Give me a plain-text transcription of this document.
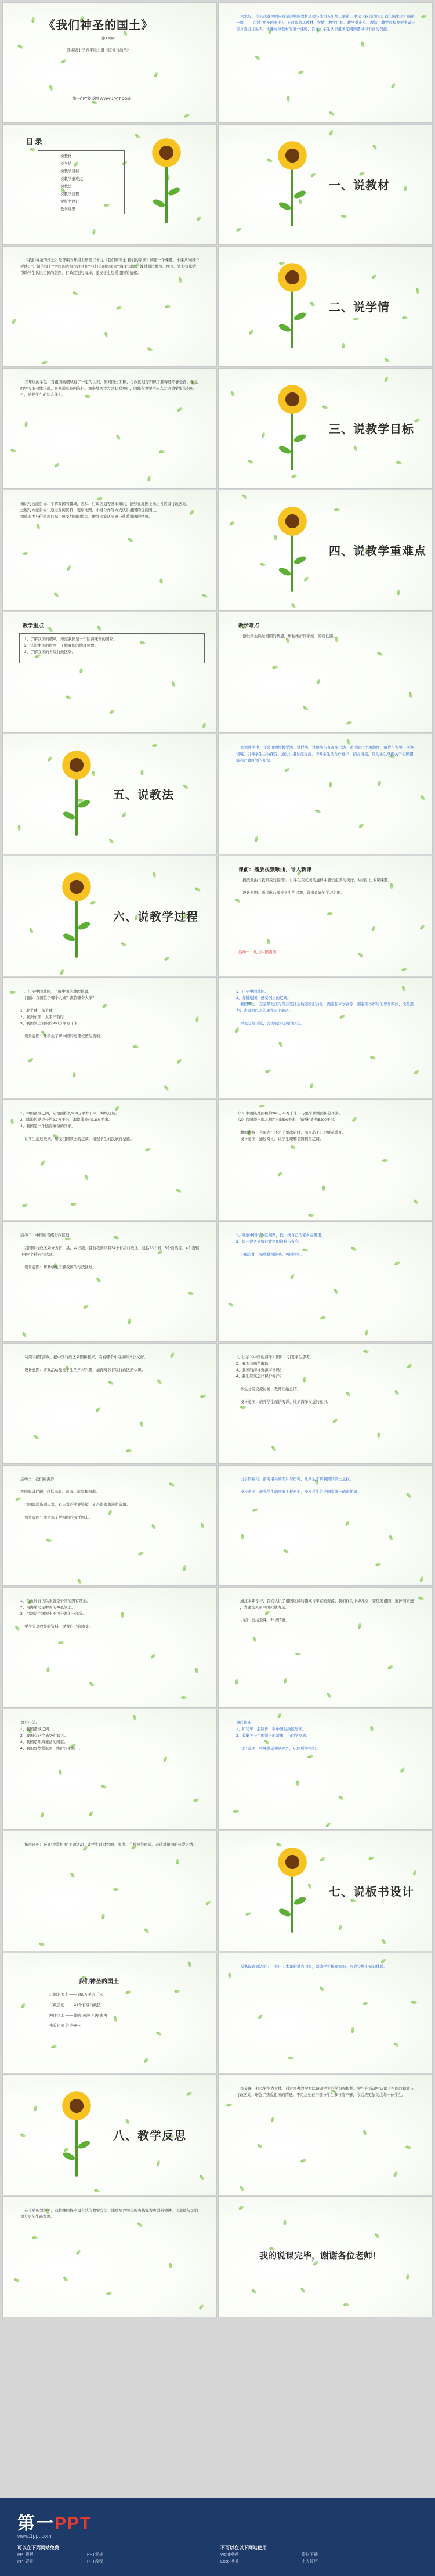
《我们神圣的国土》
第1课时
部编版小学五年级上册《道德与法治》
第一PPT模板网-WWW.1PPT.COM
大家好，今天我说课的内容是部编版教材道德与法治五年级上册第三单元《我们的国土 我们的家园》的第一课——《我们神圣的国土》。下面我将从教材、学情、教学目标、教学重难点、教法、教学过程及板书设计等方面进行说明。本课对应教材的第一课时，旨在让学生认识祖国辽阔的疆域与丰富的资源。
目 录
说教材
说学情
说教学目标
说教学重难点
说教法
说教学过程
说板书设计
教学反思
一、说教材
《我们神圣的国土》是部编五年级上册第三单元《我们的国土 我们的家园》的第一个课题。本课共分四个板块：“辽阔的国土”“中国的省级行政区划”“我们美丽的家园”“海洋资源”。教材通过地图、图片、资料等形式，帮助学生认识祖国的版图、行政区划与海洋，激发学生热爱祖国的情感。
二、说学情
五年级的学生，对祖国的疆域有了一定的认识，但对国土面积、行政区划等知识了解得还不够全面。学生的学习主动性较强，喜欢通过查阅资料、观察地图等方式获取知识，因此在教学中应充分调动学生的积极性，培养学生的综合能力。
三、说教学目标
知识与技能目标：了解我国的疆域、面积、行政区划等基本知识，能够在地图上指出各省级行政区划。
过程与方法目标：通过查阅资料、观察地图、小组合作等方式认识祖国的辽阔国土。
情感态度与价值观目标：感受祖国的伟大，增强国家认同感与热爱祖国的情感。
四、说教学重难点
教学重点
1、了解我国的疆域，知道我国是一个陆海兼备的国家。
2、认识中国的版图，了解我国的地理位置。
3、了解我国的省级行政区划。
教学难点
激发学生热爱祖国的情感，增强维护国家统一的责任感。
五、说教法
本课教学中，我采用情境教学法、讲授法、讨论法与直观演示法。通过展示中国地图、图片与视频，创设情境，引导学生主动探究；通过小组讨论交流，培养学生的合作意识；结合讲授，帮助学生掌握关于祖国疆域和行政区划的知识。
六、说教学过程
课前：播放视频歌曲，导入新课
播放歌曲《我和我的祖国》，让学生在优美的旋律中感受祖国的美好，从而引出本课课题。

设计意图：通过歌曲激发学生的兴趣，营造良好的学习氛围。
活动一：认识中国版图
一、出示中国地图，了解中国的地理位置。
问题：我国位于哪个大洲？濒临哪个大洋？

1、北半球、东半球
2、亚洲东部、太平洋西岸
3、我国领土面积约960万平方千米

设计意图：让学生了解中国的地理位置与面积。
1、出示中国地图。
2、分析地图，感受国土的辽阔。
我国领土，东起黑龙江与乌苏里江主航道的汇合处，西至帕米尔高原，南起南沙群岛的曾母暗沙，北至黑龙江省漠河以北的黑龙江主航道。

学生分组讨论，交流祖国辽阔的国土。
1、中国疆域辽阔，陆地面积约960万平方千米，海域辽阔。
2、陆地边界线长约2.2万千米，海岸线长约1.8万千米。
3、我国是一个陆海兼备的国家。

让学生通过数据，感受祖国领土的辽阔，增强学生的民族自豪感。
（1）中国陆地面积约960万平方千米，与整个欧洲面积差不多。
（2）我国领土南北相距约5500千米，东西相距约5200千米。

教师讲解：当黑龙江还是千里冰封时，海南岛上已是鲜花盛开。
设计意图：通过对比，让学生理解祖国幅员辽阔。
活动二：中国的省级行政区划

我国的行政区划分为省、县、乡三级。目前我国共有34个省级行政区，包括23个省、5个自治区、4个直辖市和2个特别行政区。

设计意图：帮助学生了解我国的行政区划。
1、观察中国行政区划图，找一找自己的家乡在哪里。
2、说一说各省级行政区的简称与省会。

小组合作，完成拼图游戏，巩固知识。
利用“拼图”游戏，把中国行政区划图拼起来，看看哪个小组拼得又快又好。

设计意图：游戏活动激发学生的学习兴趣，加深对各省级行政区的认识。
1、出示《中国的海洋》图片，引发学生思考。
2、我国有哪些海域？
3、我国的海洋资源丰富吗？
4、我们应该怎样保护海洋？

学生分组交流讨论，教师归纳总结。

设计意图：培养学生保护海洋、维护海洋权益的意识。
活动三：我们的海洋

我国海域辽阔，包括渤海、黄海、东海和南海。

我国海洋资源丰富，有丰富的渔业资源、矿产资源和旅游资源。

设计意图：让学生了解祖国的海洋国土。
出示钓鱼岛、南海诸岛的图片与资料，让学生了解我国的领土主权。

设计意图：增强学生的国家主权意识，激发学生维护国家统一的责任感。
1、钓鱼岛自古以来就是中国的固有领土。
2、南海诸岛是中国的神圣领土。
3、台湾是中国领土不可分割的一部分。

学生分享收集的资料，说说自己的感受。
通过本课学习，我们认识了祖国辽阔的疆域与丰富的资源。我们作为中华儿女，要热爱祖国，维护国家统一，为建设美丽中国贡献力量。

小结：总结全课，升华情感。
课堂小结：
1、我国疆域辽阔。
2、我国有34个省级行政区。
3、我国是陆海兼备的国家。
4、我们要热爱祖国，维护国家统一。
课后作业：
1、和父母一起制作一张中国行政区划图。
2、收集关于祖国领土的故事，与同学交流。

设计意图：将课堂延伸到课外，巩固所学知识。
拓展延伸：开展“我爱祖国”主题活动，让学生通过绘画、演讲、手抄报等形式，表达对祖国的热爱之情。
七、说板书设计
我们神圣的国土
辽阔的国土 —— 960万平方千米
行政区划 —— 34个省级行政区
海洋国土 —— 渤海 黄海 东海 南海
热爱祖国 维护统一
板书设计简洁明了，突出了本课的重点内容，帮助学生梳理知识，形成完整的知识体系。
八、教学反思
本节课，我以学生为主体，通过多种教学方法调动学生的学习积极性。学生在活动中认识了祖国的疆域与行政区划，增强了热爱祖国的情感。不足之处在于部分学生参与度不够，今后应更加关注每一位学生。
在今后的教学中，我将继续探索更有效的教学方法，注重培养学生的实践能力和创新精神，让道德与法治课堂更加生动有趣。
我的说课完毕，谢谢各位老师！
第一PPT
www.1ppt.com
可以在下列网站免费
PPT模板
PPT背景
PPT素材
PPT教程
不可以在以下网站使用
Word模板
Excel模板
资料下载
个人简历
